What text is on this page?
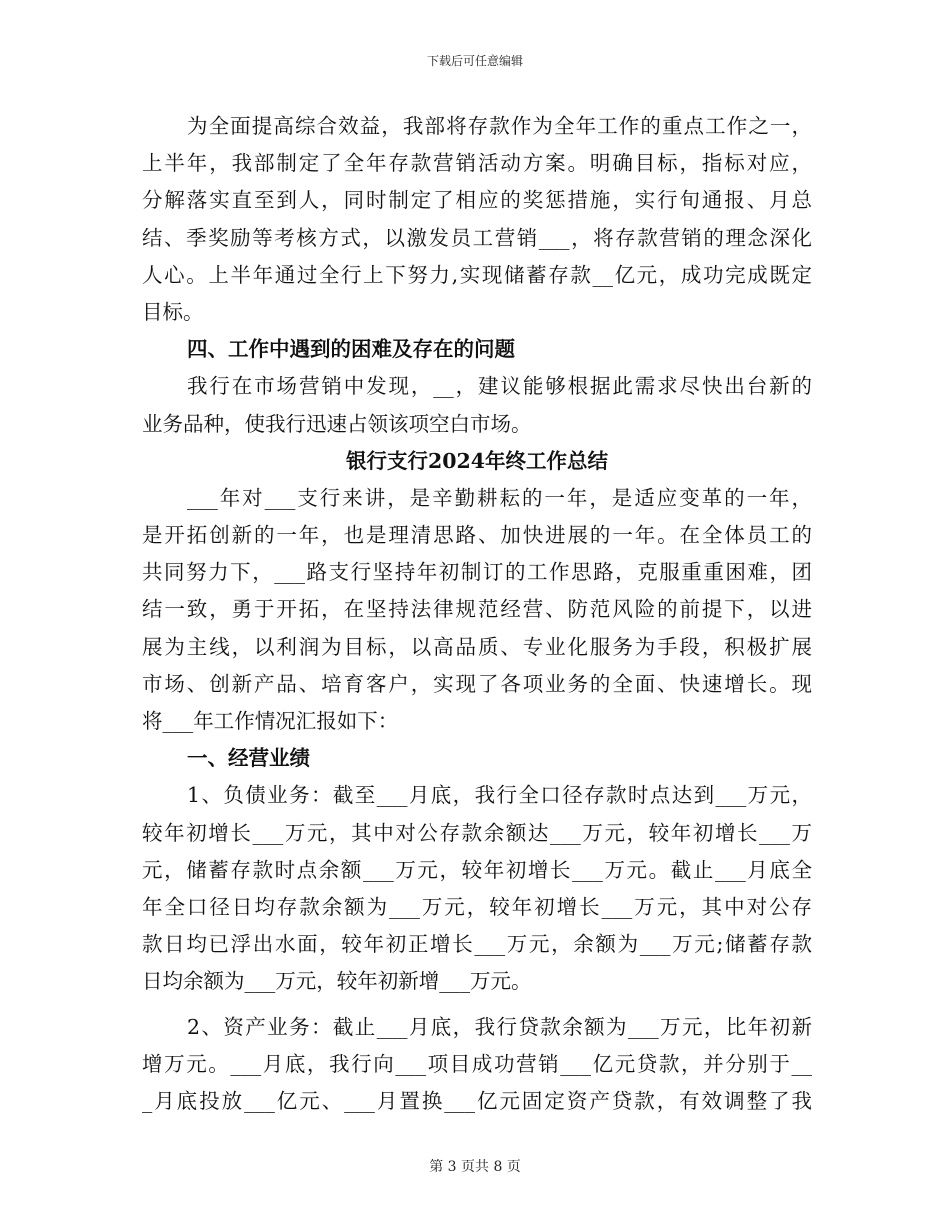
下载后可任意编辑
为全面提高综合效益，我部将存款作为全年工作的重点工作之一，
上半年，我部制定了全年存款营销活动方案。明确目标，指标对应，
分解落实直至到人，同时制定了相应的奖惩措施，实行旬通报、月总
结、季奖励等考核方式，以激发员工营销___，将存款营销的理念深化
人心。上半年通过全行上下努力,实现储蓄存款__亿元，成功完成既定
目标。
四、工作中遇到的困难及存在的问题
我行在市场营销中发现，__，建议能够根据此需求尽快出台新的
业务品种，使我行迅速占领该项空白市场。
银行支行2024年终工作总结
___年对___支行来讲，是辛勤耕耘的一年，是适应变革的一年，
是开拓创新的一年，也是理清思路、加快进展的一年。在全体员工的
共同努力下，___路支行坚持年初制订的工作思路，克服重重困难，团
结一致，勇于开拓，在坚持法律规范经营、防范风险的前提下，以进
展为主线，以利润为目标，以高品质、专业化服务为手段，积极扩展
市场、创新产品、培育客户，实现了各项业务的全面、快速增长。现
将___年工作情况汇报如下：
一、经营业绩
1、负债业务：截至___月底，我行全口径存款时点达到___万元，
较年初增长___万元，其中对公存款余额达___万元，较年初增长___万
元，储蓄存款时点余额___万元，较年初增长___万元。截止___月底全
年全口径日均存款余额为___万元，较年初增长___万元，其中对公存
款日均已浮出水面，较年初正增长___万元，余额为___万元;储蓄存款
日均余额为___万元，较年初新增___万元。
2、资产业务：截止___月底，我行贷款余额为___万元，比年初新
增万元。___月底，我行向___项目成功营销___亿元贷款，并分别于__
_月底投放___亿元、___月置换___亿元固定资产贷款，有效调整了我
第 3 页共 8 页
